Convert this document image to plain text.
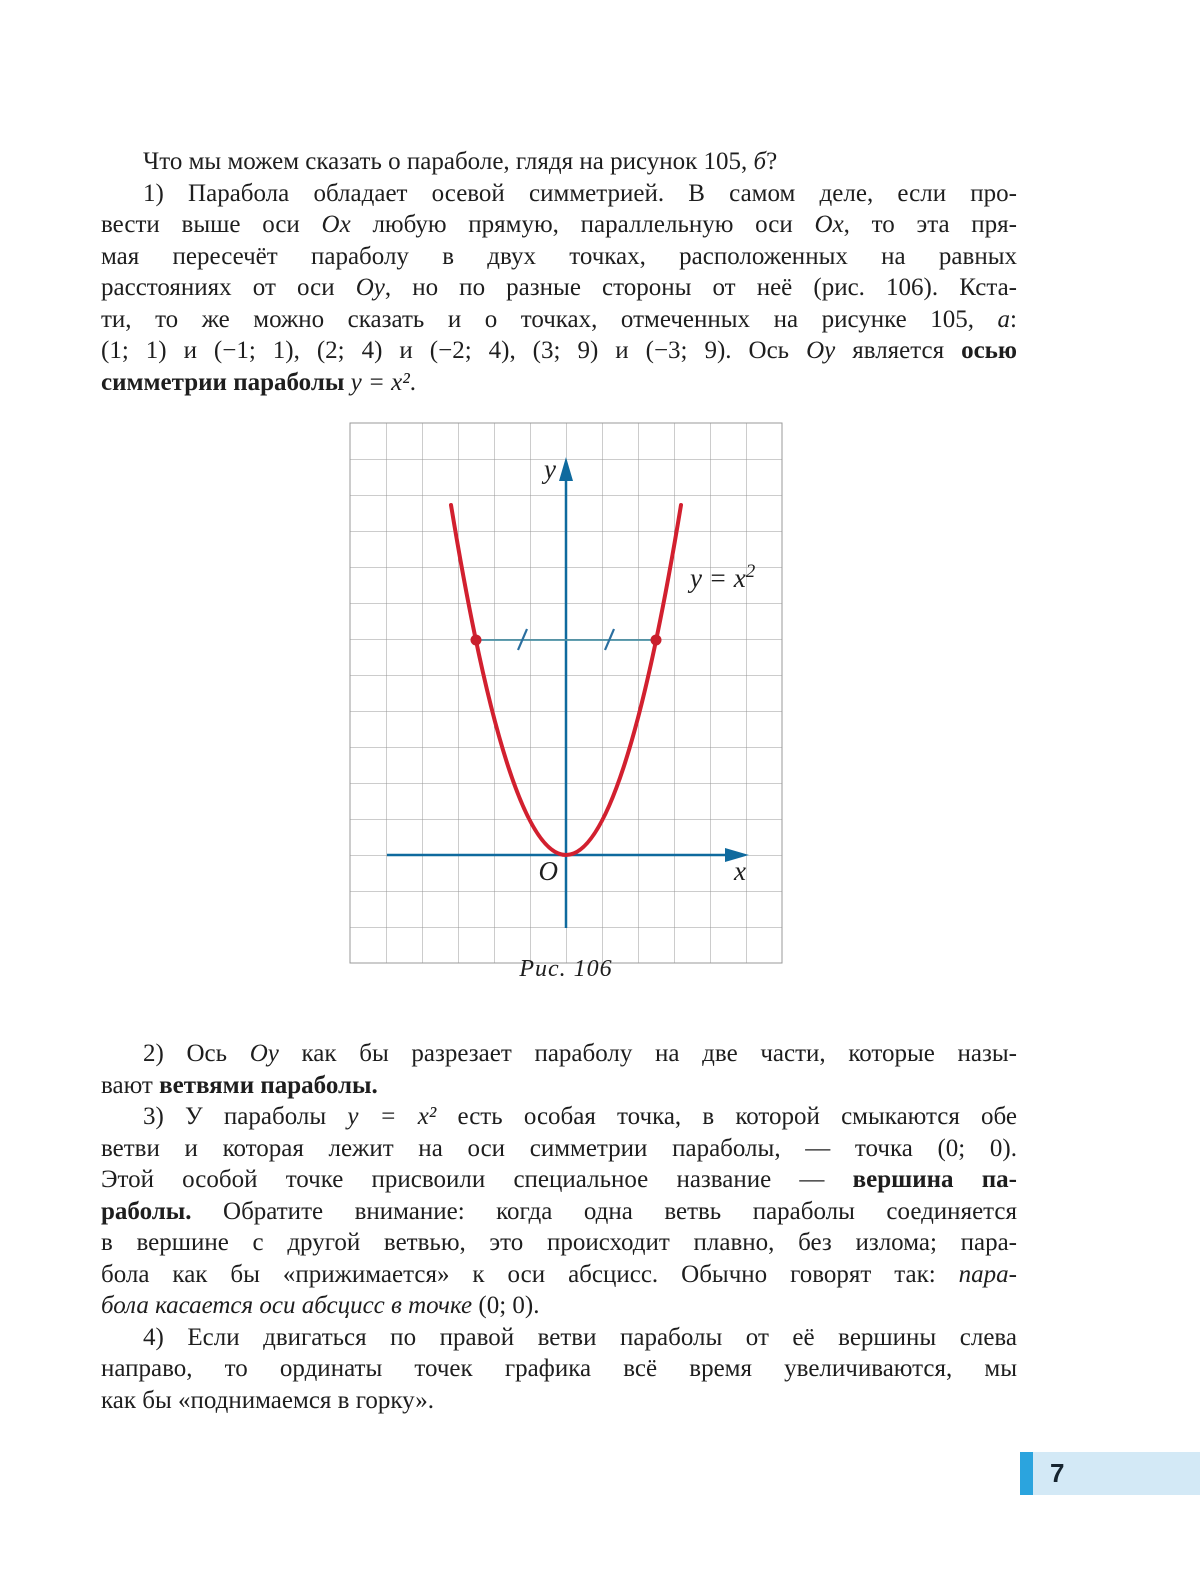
Что мы можем сказать о параболе, глядя на рисунок 105, б?
1) Парабола обладает осевой симметрией. В самом деле, если про-
вести выше оси Ox любую прямую, параллельную оси Ox, то эта пря-
мая пересечёт параболу в двух точках, расположенных на равных
расстояниях от оси Oy, но по разные стороны от неё (рис. 106). Кста-
ти, то же можно сказать и о точках, отмеченных на рисунке 105, а:
(1; 1) и (−1; 1), (2; 4) и (−2; 4), (3; 9) и (−3; 9). Ось Oy является осью
симметрии параболы y = x².
y
x
O
$y = x^2$
Рис. 106
2) Ось Oy как бы разрезает параболу на две части, которые назы-
вают ветвями параболы.
3) У параболы y = x² есть особая точка, в которой смыкаются обе
ветви и которая лежит на оси симметрии параболы, — точка (0; 0).
Этой особой точке присвоили специальное название — вершина па-
раболы. Обратите внимание: когда одна ветвь параболы соединяется
в вершине с другой ветвью, это происходит плавно, без излома; пара-
бола как бы «прижимается» к оси абсцисс. Обычно говорят так: пара-
бола касается оси абсцисс в точке (0; 0).
4) Если двигаться по правой ветви параболы от её вершины слева
направо, то ординаты точек графика всё время увеличиваются, мы
как бы «поднимаемся в горку».
7
